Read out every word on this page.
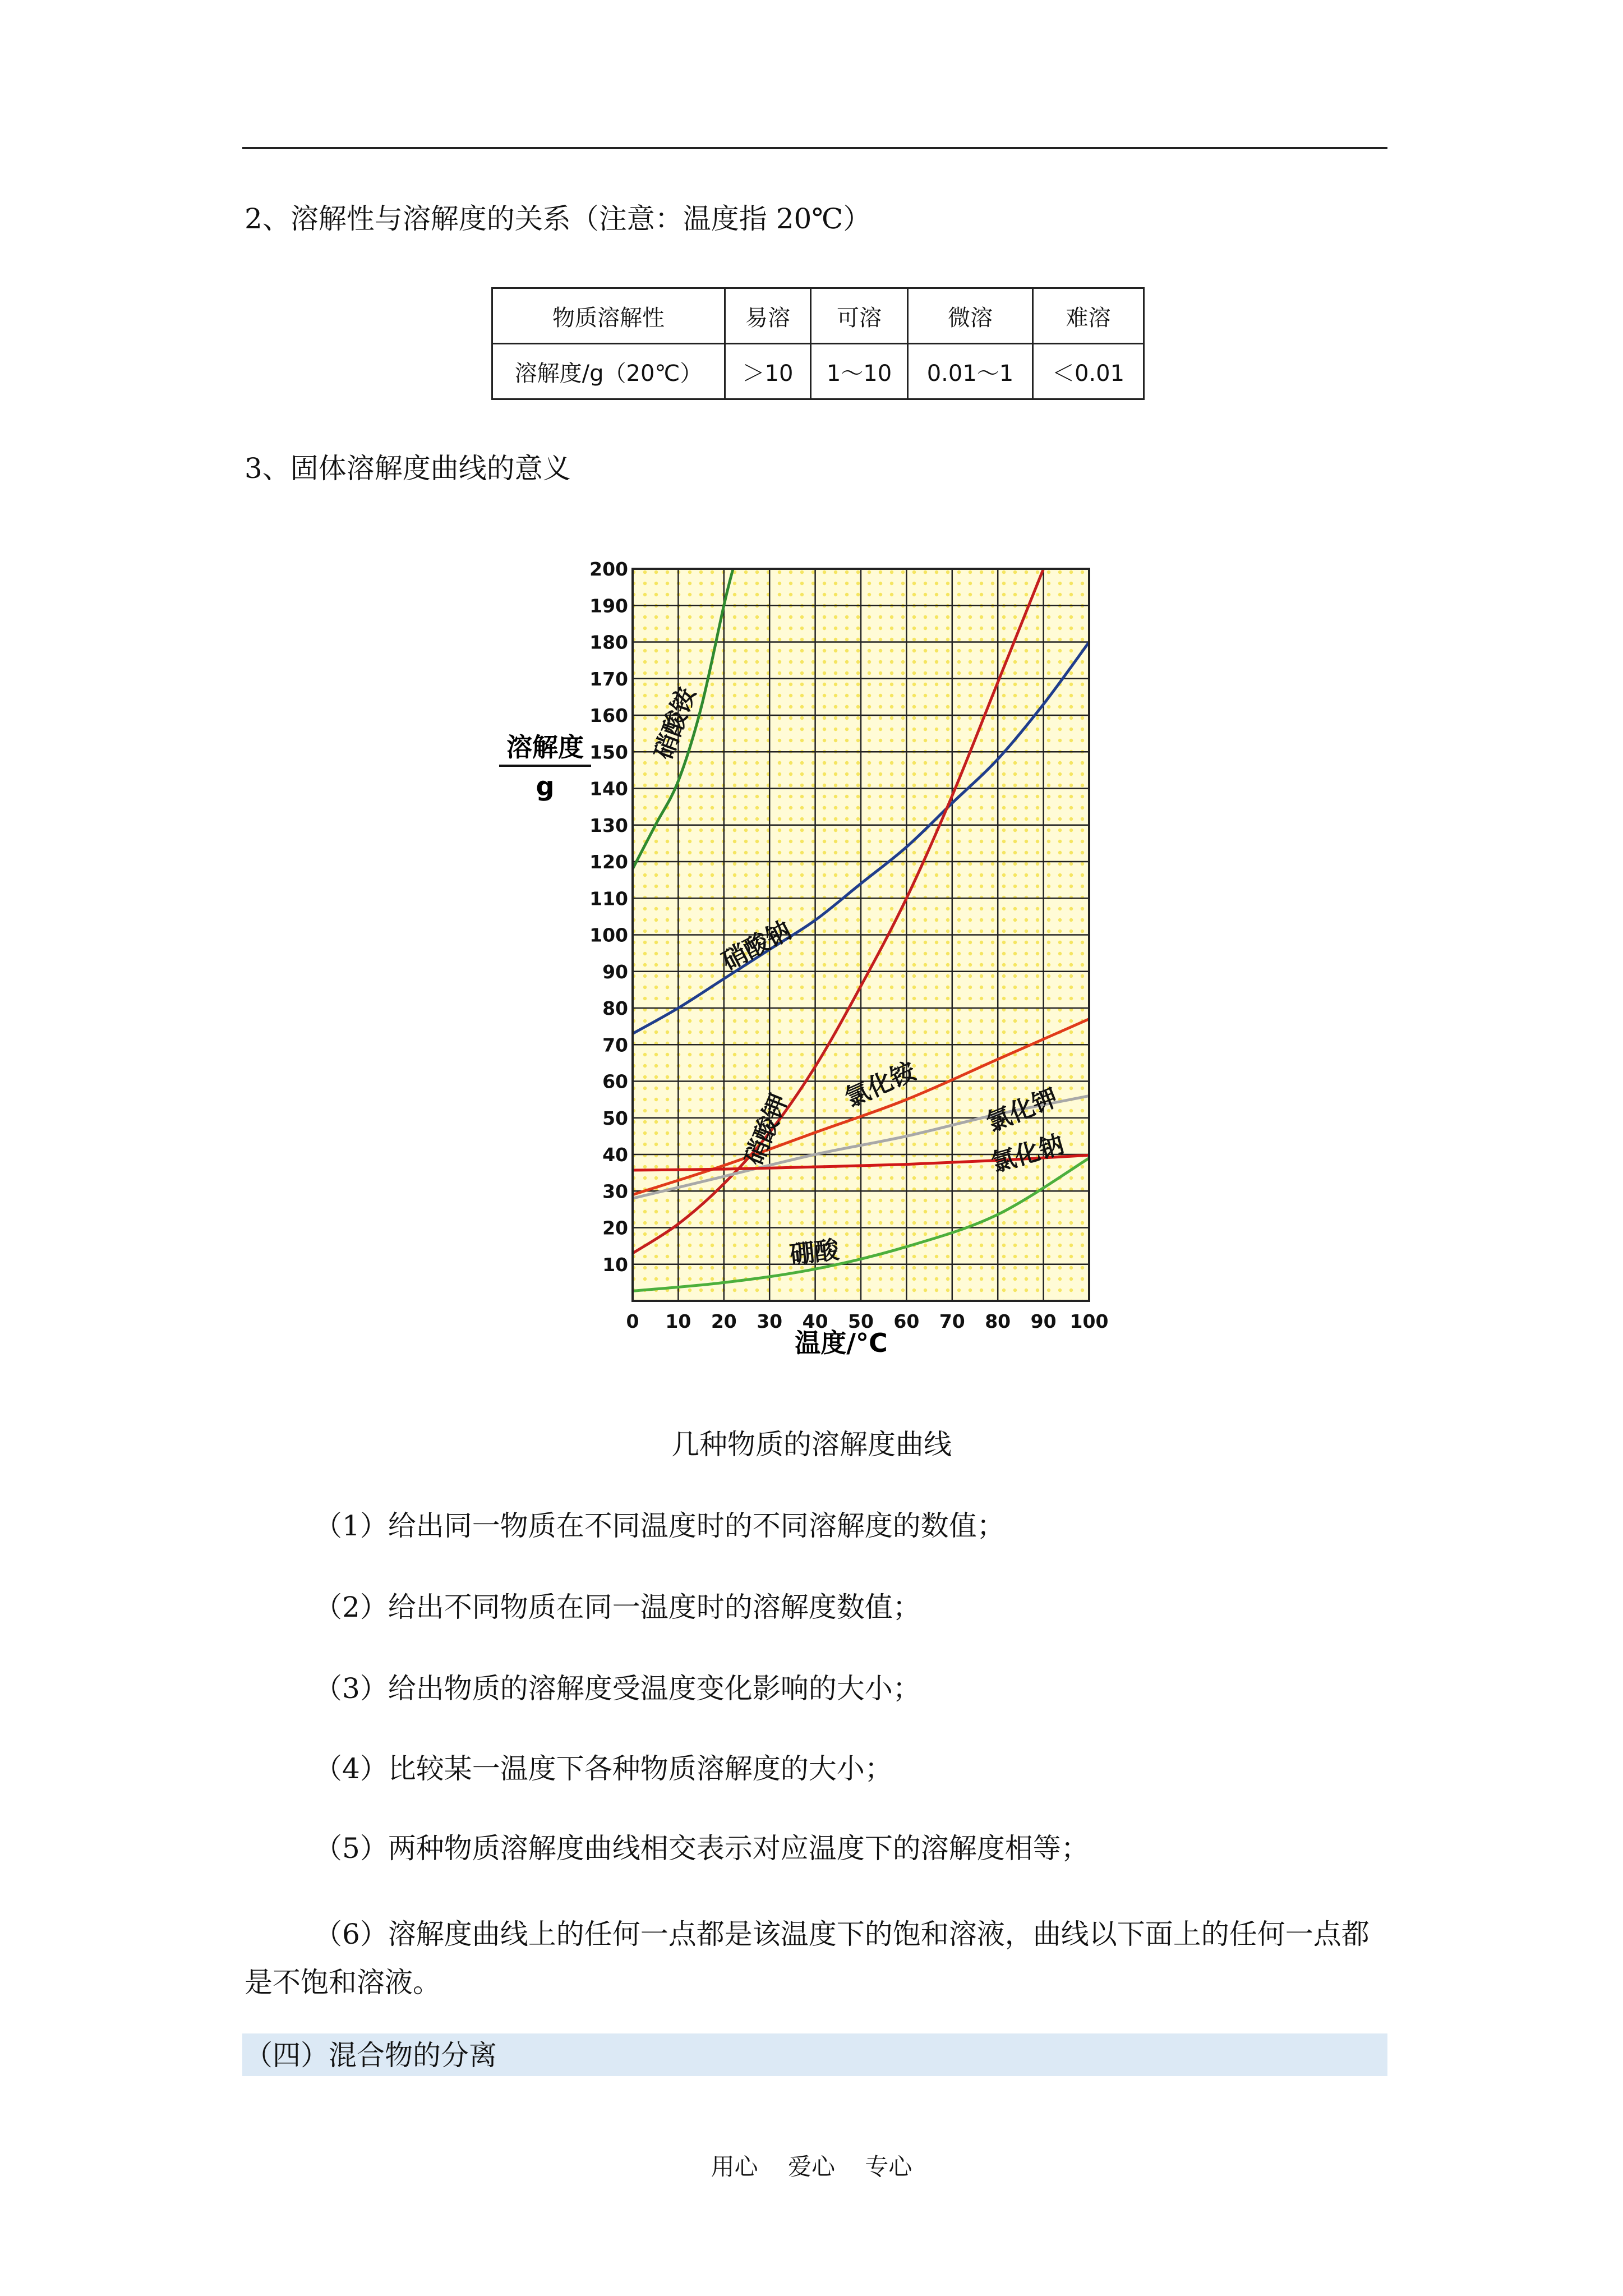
2、溶解性与溶解度的关系（注意：温度指 20℃）
物质溶解性	易溶	可溶	微溶	难溶
溶解度/g（20℃）	＞10	1～10	0.01～1	＜0.01
3、固体溶解度曲线的意义
10
20
30
40
50
60
70
80
90
100
110
120
130
140
150
160
170
180
190
200
0 10 20 30 40 50 60 70 80 90 100
溶解度
g
温度/°C
硝酸铵
硝酸钠
硝酸钾
氯化铵	氯化钾
氯化钠
硼酸
几种物质的溶解度曲线
（1）给出同一物质在不同温度时的不同溶解度的数值；
（2）给出不同物质在同一温度时的溶解度数值；
（3）给出物质的溶解度受温度变化影响的大小；
（4）比较某一温度下各种物质溶解度的大小；
（5）两种物质溶解度曲线相交表示对应温度下的溶解度相等；
（6）溶解度曲线上的任何一点都是该温度下的饱和溶液，曲线以下面上的任何一点都是不饱和溶液。
（四）混合物的分离
用心 爱心 专心
